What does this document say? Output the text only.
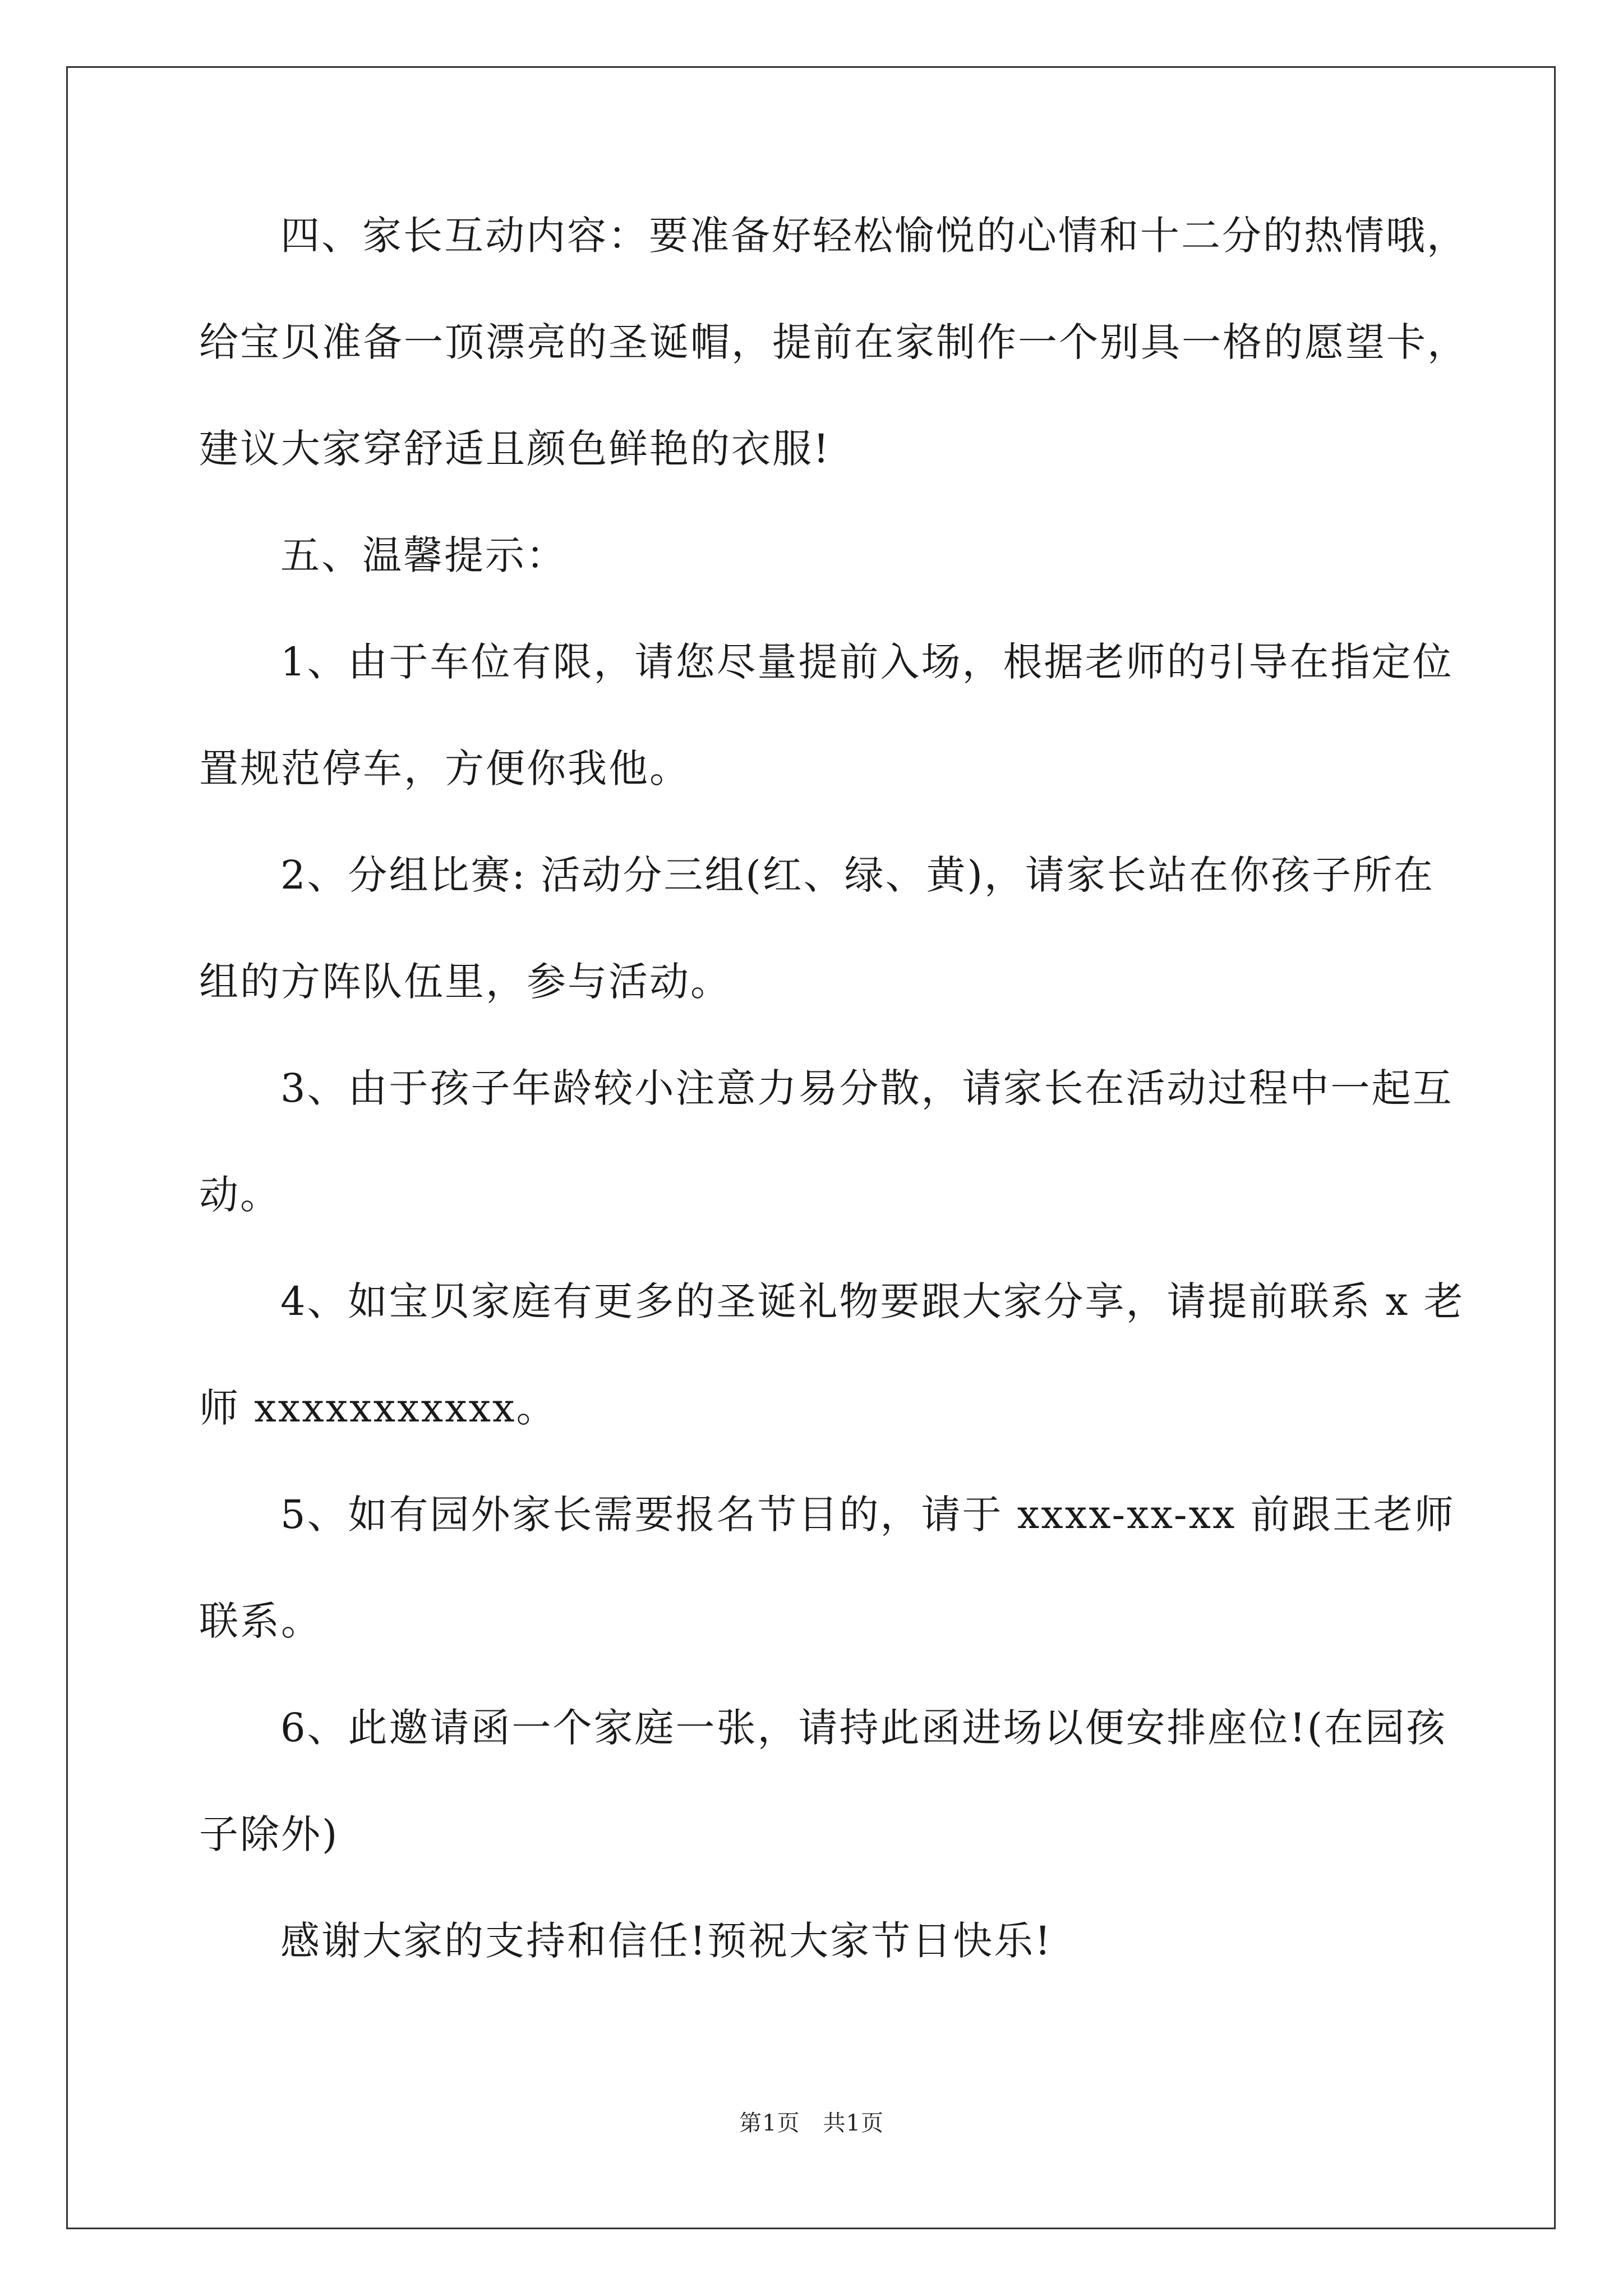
四、家长互动内容：要准备好轻松愉悦的心情和十二分的热情哦，
给宝贝准备一顶漂亮的圣诞帽，提前在家制作一个别具一格的愿望卡，
建议大家穿舒适且颜色鲜艳的衣服!
五、温馨提示：
1、由于车位有限，请您尽量提前入场，根据老师的引导在指定位
置规范停车，方便你我他。
2、分组比赛: 活动分三组(红、绿、黄)，请家长站在你孩子所在
组的方阵队伍里，参与活动。
3、由于孩子年龄较小注意力易分散，请家长在活动过程中一起互
动。
4、如宝贝家庭有更多的圣诞礼物要跟大家分享，请提前联系 x 老
师 xxxxxxxxxxx。
5、如有园外家长需要报名节目的，请于 xxxx-xx-xx 前跟王老师
联系。
6、此邀请函一个家庭一张，请持此函进场以便安排座位!(在园孩
子除外)
感谢大家的支持和信任!预祝大家节日快乐!
第1页　共1页
